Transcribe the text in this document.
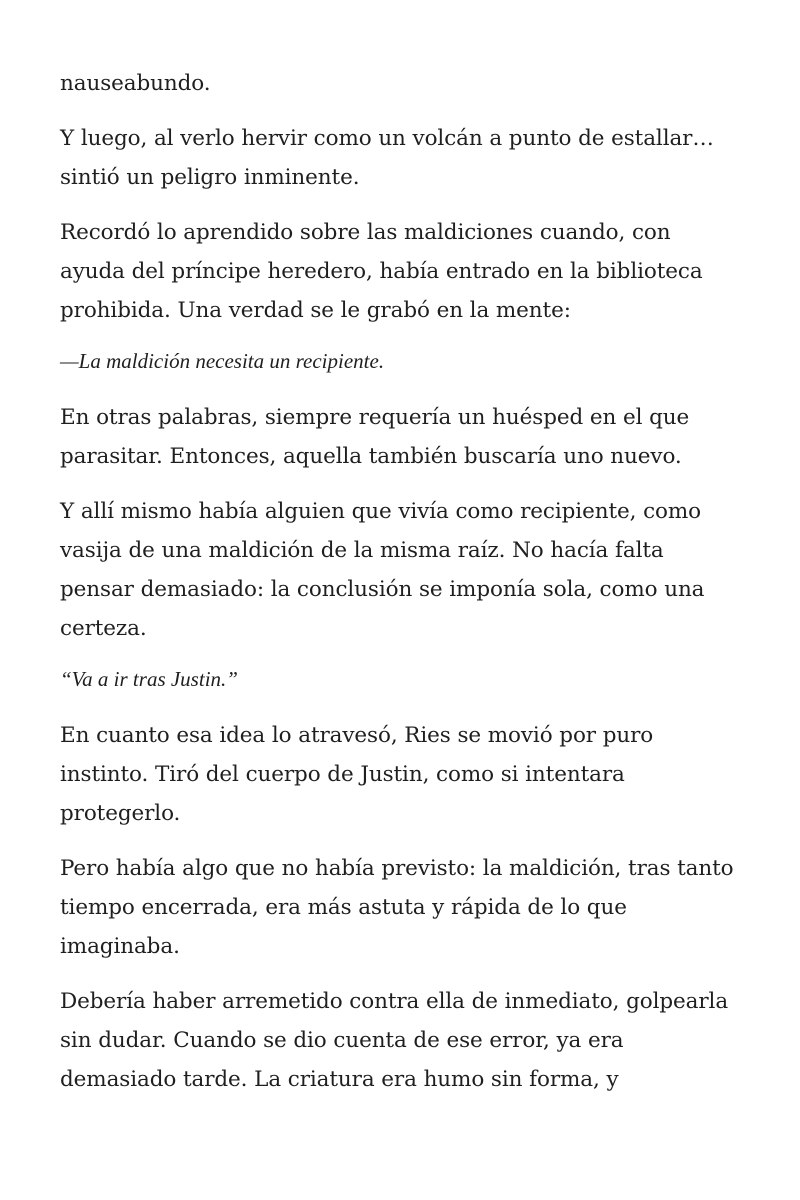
nauseabundo.

Y luego, al verlo hervir como un volcán a punto de estallar… sintió un peligro inminente.

Recordó lo aprendido sobre las maldiciones cuando, con ayuda del príncipe heredero, había entrado en la biblioteca prohibida. Una verdad se le grabó en la mente:

—La maldición necesita un recipiente.

En otras palabras, siempre requería un huésped en el que parasitar. Entonces, aquella también buscaría uno nuevo.

Y allí mismo había alguien que vivía como recipiente, como vasija de una maldición de la misma raíz. No hacía falta pensar demasiado: la conclusión se imponía sola, como una certeza.

“Va a ir tras Justin.”

En cuanto esa idea lo atravesó, Ries se movió por puro instinto. Tiró del cuerpo de Justin, como si intentara protegerlo.

Pero había algo que no había previsto: la maldición, tras tanto tiempo encerrada, era más astuta y rápida de lo que imaginaba.

Debería haber arremetido contra ella de inmediato, golpearla sin dudar. Cuando se dio cuenta de ese error, ya era demasiado tarde. La criatura era humo sin forma, y
